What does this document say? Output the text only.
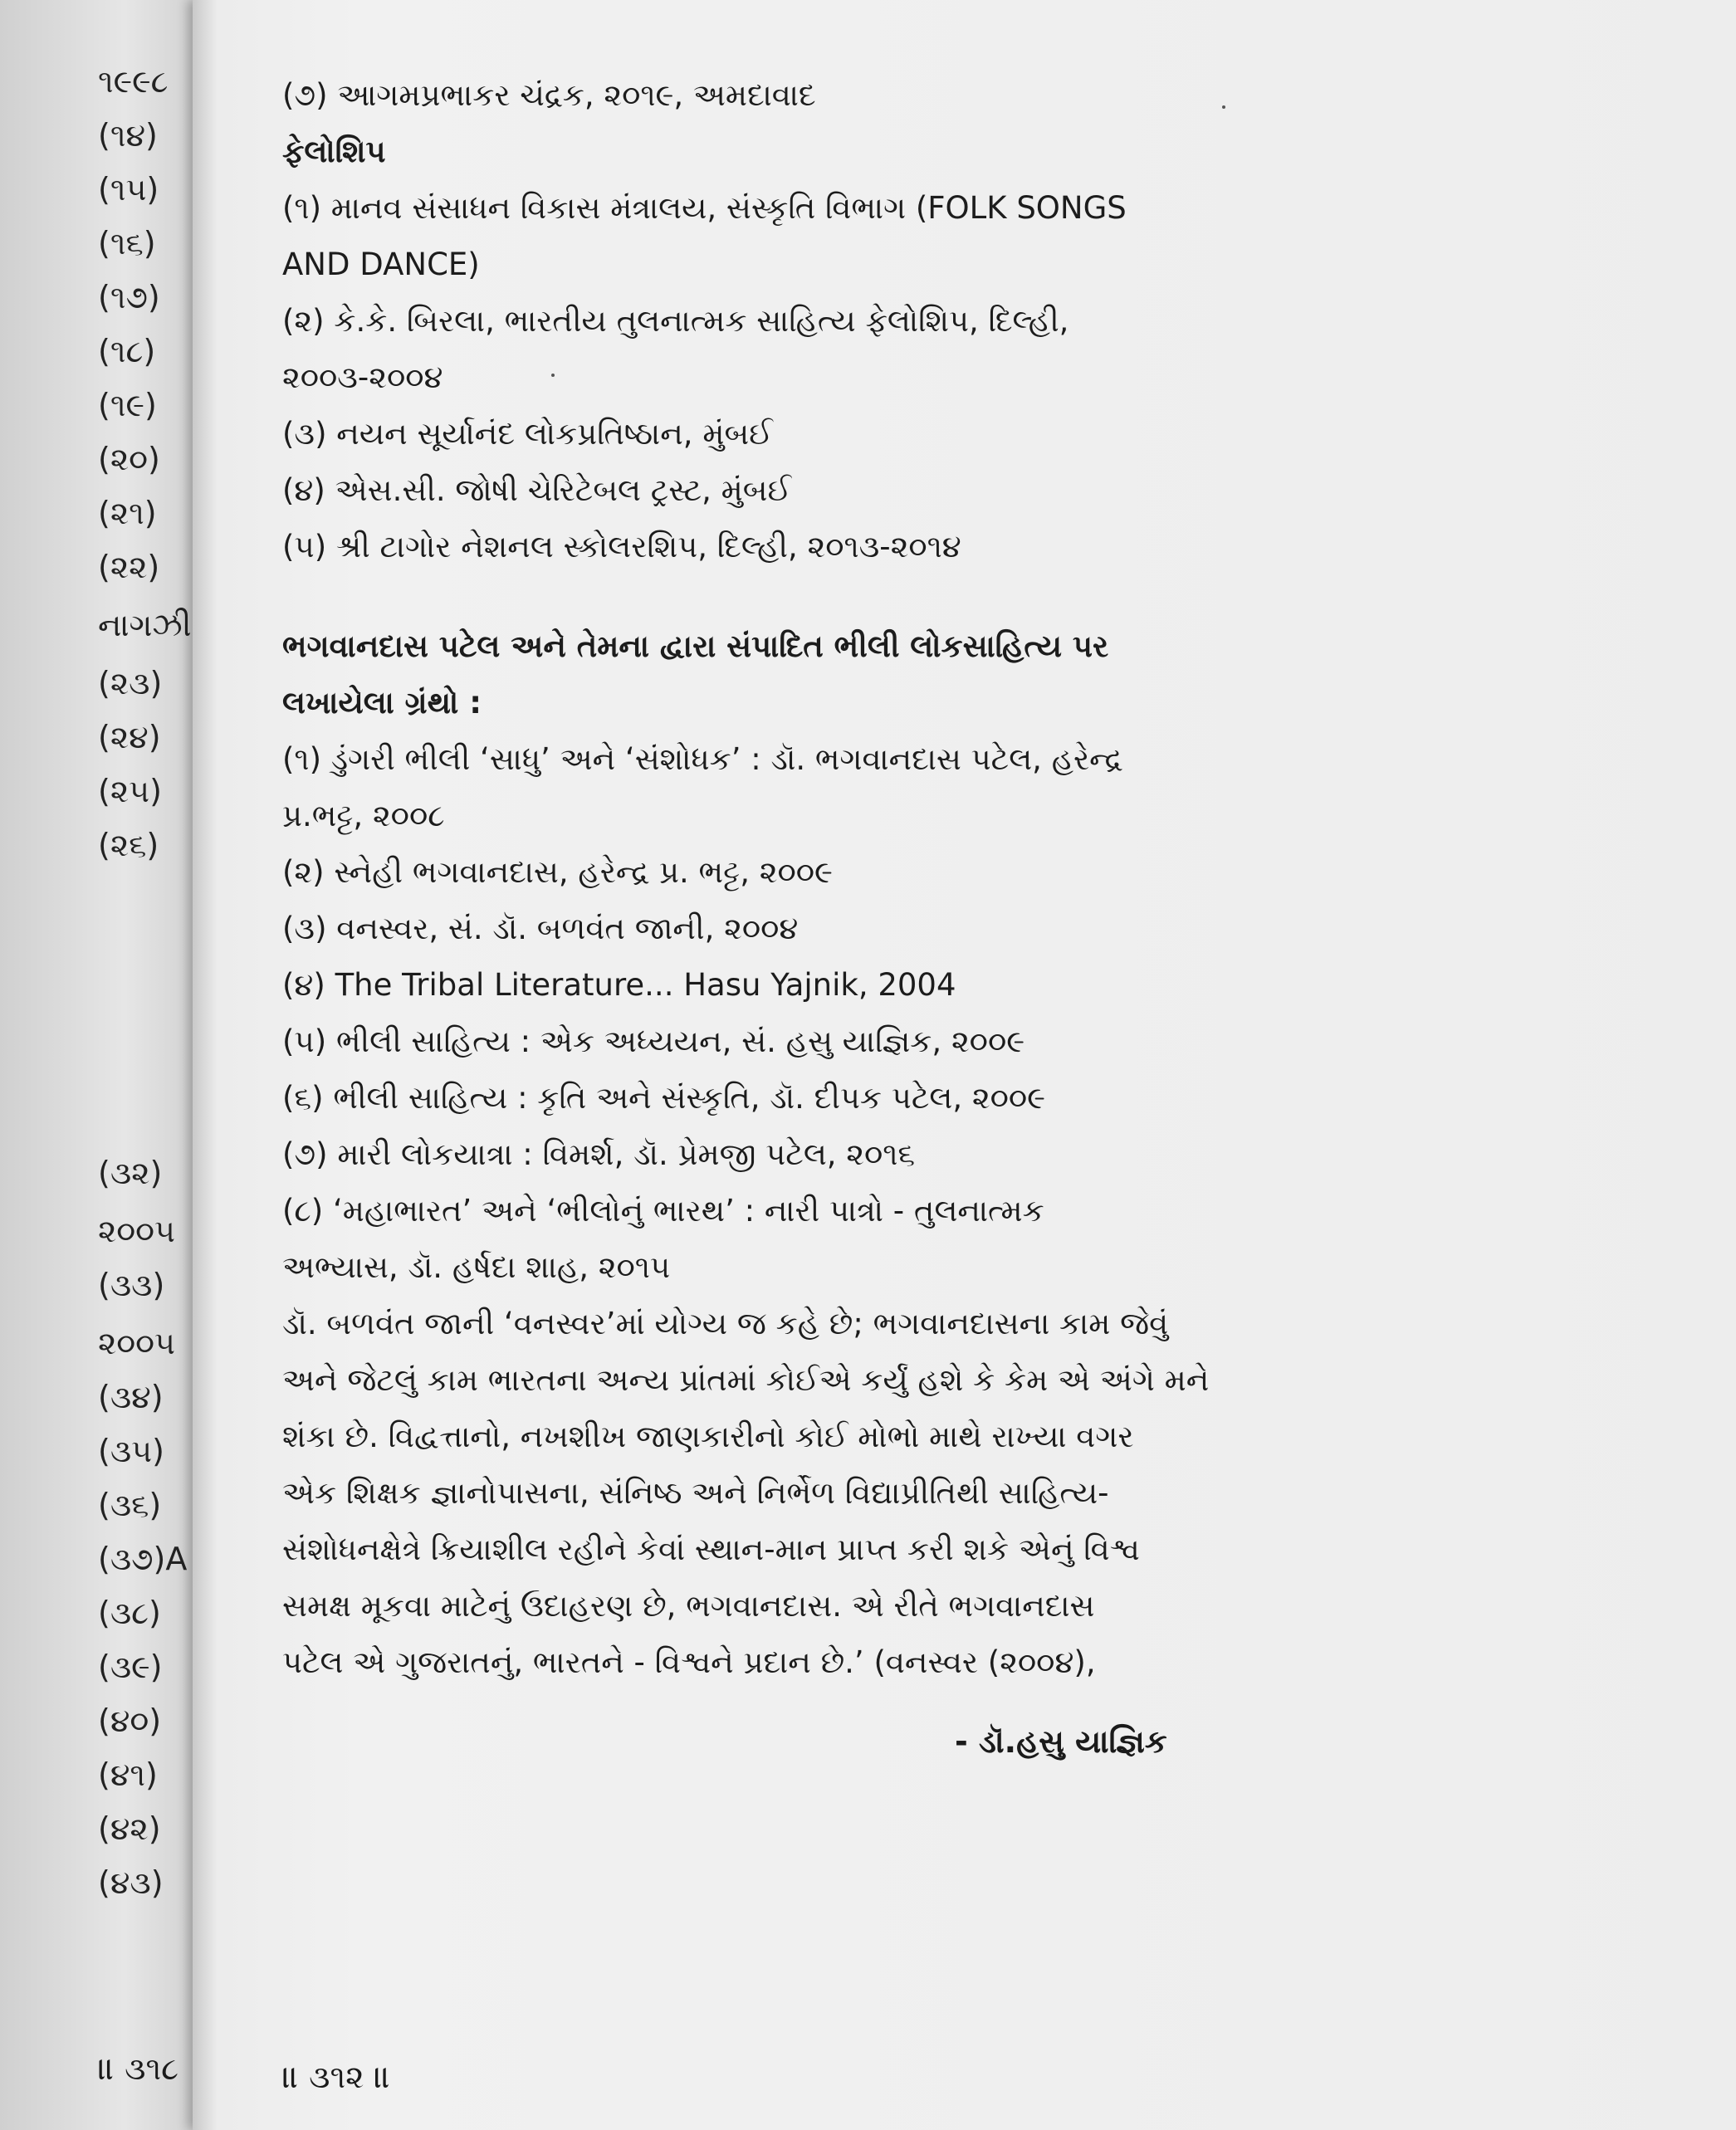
૧૯૯૮
(૧૪)
(૧૫)
(૧૬)
(૧૭)
(૧૮)
(૧૯)
(૨૦)
(૨૧)
(૨૨)
નાગઝી
(૨૩)
(૨૪)
(૨૫)
(૨૬)
(૩૨)
૨૦૦૫
(૩૩)
૨૦૦૫
(૩૪)
(૩૫)
(૩૬)
(૩૭)A
(૩૮)
(૩૯)
(૪૦)
(૪૧)
(૪૨)
(૪૩)
॥ ૩૧૮
(૭) આગમપ્રભાકર ચંદ્રક, ૨૦૧૯, અમદાવાદ
ફેલોશિપ
(૧) માનવ સંસાધન વિકાસ મંત્રાલય, સંસ્કૃતિ વિભાગ (FOLK SONGS
AND DANCE)
(૨) કે.કે. બિરલા, ભારતીય તુલનાત્મક સાહિત્ય ફેલોશિપ, દિલ્હી,
૨૦૦૩-૨૦૦૪
(૩) નયન સૂર્યાનંદ લોકપ્રતિષ્ઠાન, મુંબઈ
(૪) એસ.સી. જોષી ચેરિટેબલ ટ્રસ્ટ, મુંબઈ
(૫) શ્રી ટાગોર નેશનલ સ્કોલરશિપ, દિલ્હી, ૨૦૧૩-૨૦૧૪
ભગવાનદાસ પટેલ અને તેમના દ્વારા સંપાદિત ભીલી લોકસાહિત્ય પર
લખાયેલા ગ્રંથો :
(૧) ડુંગરી ભીલી ‘સાધુ’ અને ‘સંશોધક’ : ડૉ. ભગવાનદાસ પટેલ, હરેન્દ્ર
પ્ર.ભટ્ટ, ૨૦૦૮
(૨) સ્નેહી ભગવાનદાસ, હરેન્દ્ર પ્ર. ભટ્ટ, ૨૦૦૯
(૩) વનસ્વર, સં. ડૉ. બળવંત જાની, ૨૦૦૪
(૪) The Tribal Literature... Hasu Yajnik, 2004
(૫) ભીલી સાહિત્ય : એક અધ્યયન, સં. હસુ યાજ્ઞિક, ૨૦૦૯
(૬) ભીલી સાહિત્ય : કૃતિ અને સંસ્કૃતિ, ડૉ. દીપક પટેલ, ૨૦૦૯
(૭) મારી લોકયાત્રા : વિમર્શ, ડૉ. પ્રેમજી પટેલ, ૨૦૧૬
(૮) ‘મહાભારત’ અને ‘ભીલોનું ભારથ’ : નારી પાત્રો - તુલનાત્મક
અભ્યાસ, ડૉ. હર્ષદા શાહ, ૨૦૧૫
ડૉ. બળવંત જાની ‘વનસ્વર’માં યોગ્ય જ કહે છે; ભગવાનદાસના કામ જેવું
અને જેટલું કામ ભારતના અન્ય પ્રાંતમાં કોઈએ કર્યું હશે કે કેમ એ અંગે મને
શંકા છે. વિદ્વત્તાનો, નખશીખ જાણકારીનો કોઈ મોભો માથે રાખ્યા વગર
એક શિક્ષક જ્ઞાનોપાસના, સંનિષ્ઠ અને નિર્ભેળ વિદ્યાપ્રીતિથી સાહિત્ય-
સંશોધનક્ષેત્રે ક્રિયાશીલ રહીને કેવાં સ્થાન-માન પ્રાપ્ત કરી શકે એનું વિશ્વ
સમક્ષ મૂકવા માટેનું ઉદાહરણ છે, ભગવાનદાસ. એ રીતે ભગવાનદાસ
પટેલ એ ગુજરાતનું, ભારતને - વિશ્વને પ્રદાન છે.’ (વનસ્વર (૨૦૦૪),
- ડૉ.હસુ યાજ્ઞિક
॥ ૩૧૨ ॥
